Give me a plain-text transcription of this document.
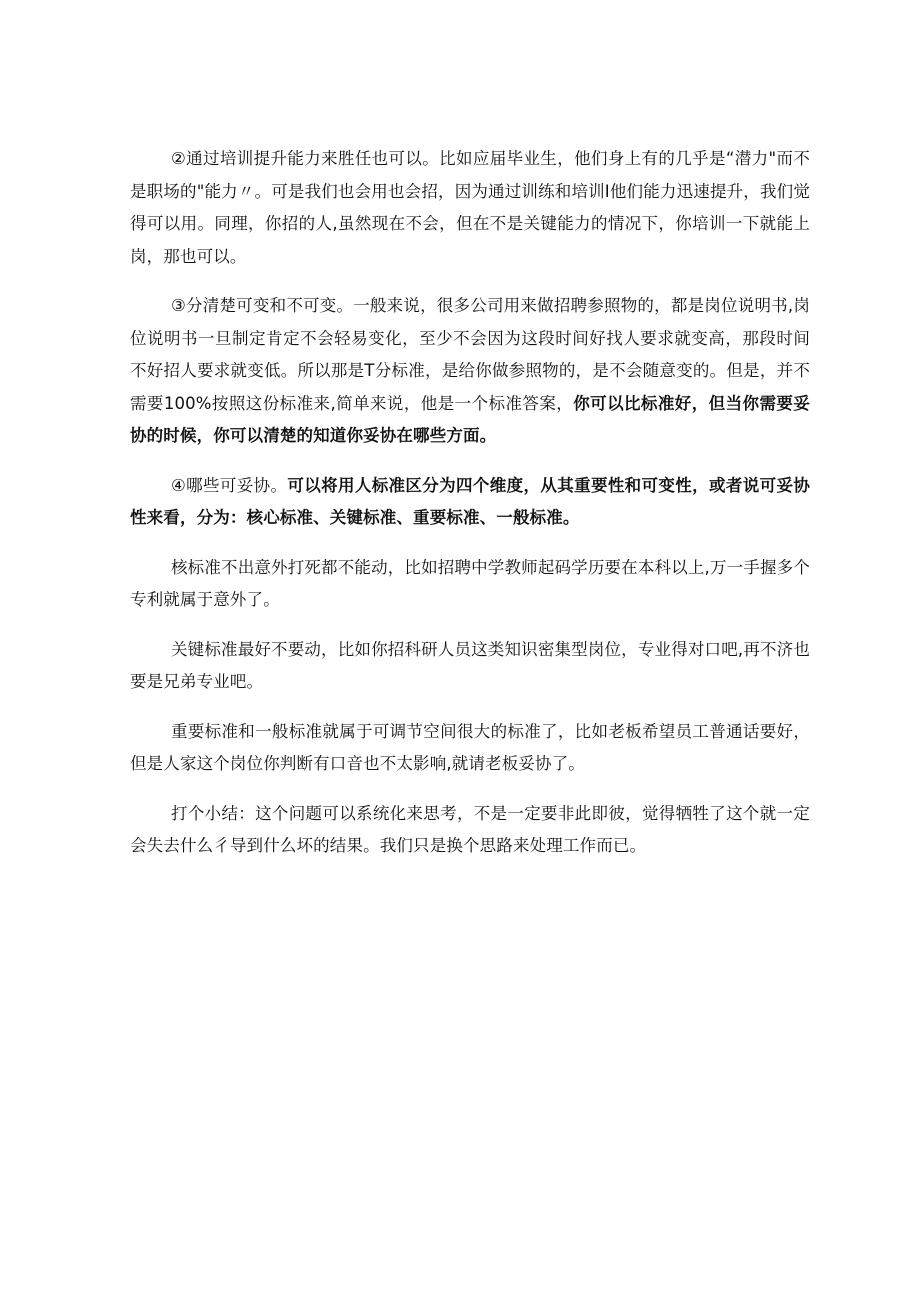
②通过培训提升能力来胜任也可以。比如应届毕业生，他们身上有的几乎是“潜力"而不是职场的"能力〃。可是我们也会用也会招，因为通过训练和培训Ⅰ他们能力迅速提升，我们觉得可以用。同理，你招的人,虽然现在不会，但在不是关键能力的情况下，你培训一下就能上岗，那也可以。

③分清楚可变和不可变。一般来说，很多公司用来做招聘参照物的，都是岗位说明书,岗位说明书一旦制定肯定不会轻易变化，至少不会因为这段时间好找人要求就变高，那段时间不好招人要求就变低。所以那是T分标准，是给你做参照物的，是不会随意变的。但是，并不需要100%按照这份标准来,简单来说，他是一个标准答案，你可以比标准好，但当你需要妥协的时候，你可以清楚的知道你妥协在哪些方面。

④哪些可妥协。可以将用人标准区分为四个维度，从其重要性和可变性，或者说可妥协性来看，分为：核心标准、关键标准、重要标准、一般标准。

核标准不出意外打死都不能动，比如招聘中学教师起码学历要在本科以上,万一手握多个专利就属于意外了。

关键标准最好不要动，比如你招科研人员这类知识密集型岗位，专业得对口吧,再不济也要是兄弟专业吧。

重要标准和一般标准就属于可调节空间很大的标准了，比如老板希望员工普通话要好，但是人家这个岗位你判断有口音也不太影响,就请老板妥协了。

打个小结：这个问题可以系统化来思考，不是一定要非此即彼，觉得牺牲了这个就一定会失去什么彳导到什么坏的结果。我们只是换个思路来处理工作而已。
